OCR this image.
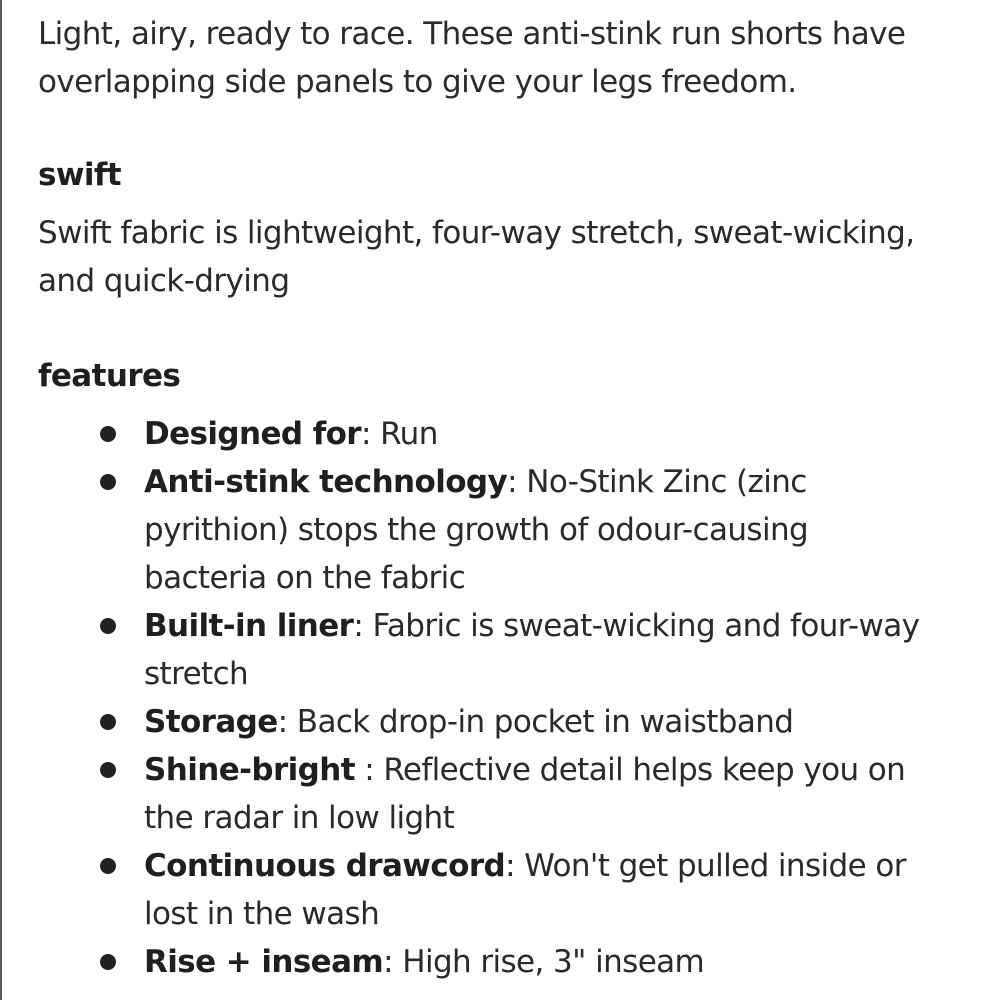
Light, airy, ready to race. These anti-stink run shorts have overlapping side panels to give your legs freedom.

swift

Swift fabric is lightweight, four-way stretch, sweat-wicking, and quick-drying

features
Designed for: Run
Anti-stink technology: No-Stink Zinc (zinc pyrithion) stops the growth of odour-causing bacteria on the fabric
Built-in liner: Fabric is sweat-wicking and four-way stretch
Storage: Back drop-in pocket in waistband
Shine-bright : Reflective detail helps keep you on the radar in low light
Continuous drawcord: Won't get pulled inside or lost in the wash
Rise + inseam: High rise, 3" inseam
